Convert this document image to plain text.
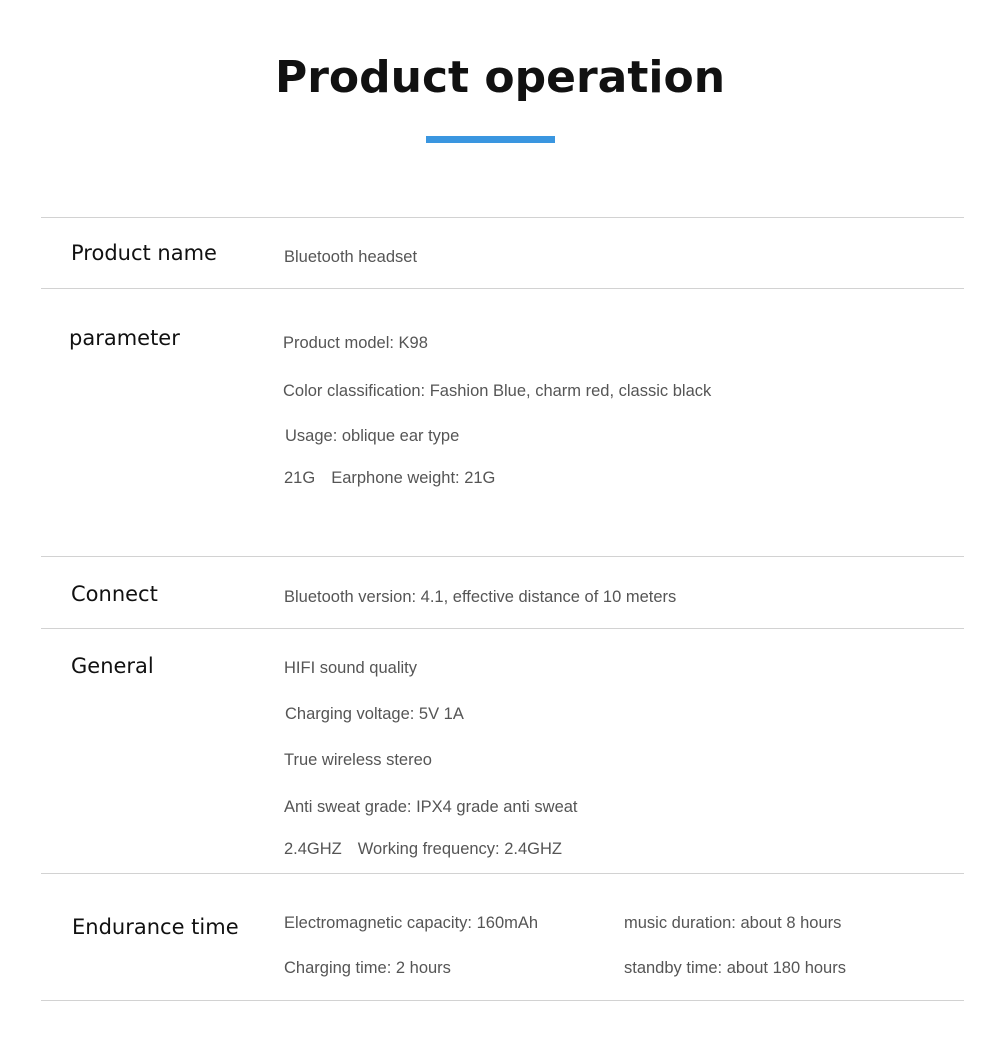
Product operation
Product name	Bluetooth headset
parameter	Product model: K98
Color classification: Fashion Blue, charm red, classic black
Usage: oblique ear type
21G Earphone weight: 21G
Connect	Bluetooth version: 4.1, effective distance of 10 meters
General	HIFI sound quality
Charging voltage: 5V 1A
True wireless stereo
Anti sweat grade: IPX4 grade anti sweat
2.4GHZ Working frequency: 2.4GHZ
Endurance time	Electromagnetic capacity: 160mAh	music duration: about 8 hours
Charging time: 2 hours	standby time: about 180 hours
